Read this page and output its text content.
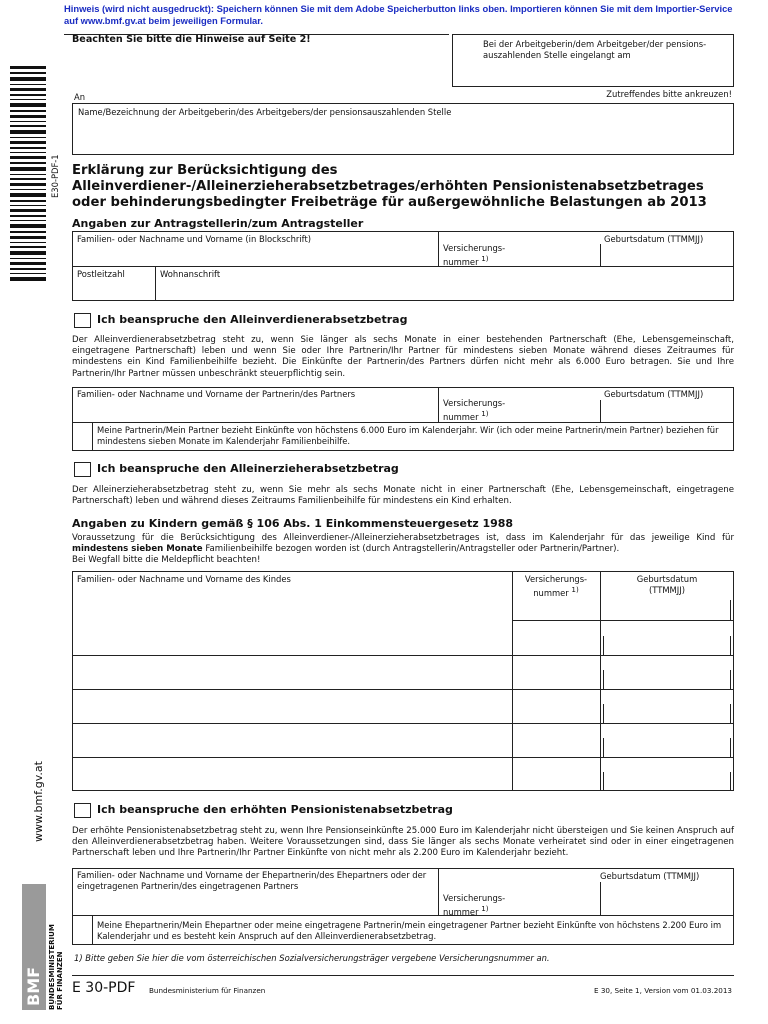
Hinweis (wird nicht ausgedruckt): Speichern können Sie mit dem Adobe Speicherbutton links oben. Importieren können Sie mit dem Importier-Service auf www.bmf.gv.at beim jeweiligen Formular.
E30-PDF-1
www.bmf.gv.at
BMF BUNDESMINISTERIUM FÜR FINANZEN
Beachten Sie bitte die Hinweise auf Seite 2!	Bei der Arbeitgeberin/dem Arbeitgeber/der pensions-auszahlenden Stelle eingelangt am
An	Zutreffendes bitte ankreuzen!
Name/Bezeichnung der Arbeitgeberin/des Arbeitgebers/der pensionsauszahlenden Stelle
Erklärung zur Berücksichtigung des Alleinverdiener-/Alleinerzieherabsetzbetrages/erhöhten Pensionistenabsetzbetrages oder behinderungsbedingter Freibeträge für außergewöhnliche Belastungen ab 2013
Angaben zur Antragstellerin/zum Antragsteller
Familien- oder Nachname und Vorname (in Blockschrift)
Versicherungs-
nummer $^{1)}$
Geburtsdatum (TTMMJJ)
Postleitzahl	Wohnanschrift
Ich beanspruche den Alleinverdienerabsetzbetrag
Der Alleinverdienerabsetzbetrag steht zu, wenn Sie länger als sechs Monate in einer bestehenden Partnerschaft (Ehe, Lebensgemeinschaft, eingetragene Partnerschaft) leben und wenn Sie oder Ihre Partnerin/Ihr Partner für mindestens sieben Monate während dieses Zeitraumes für mindestens ein Kind Familienbeihilfe bezieht. Die Einkünfte der Partnerin/des Partners dürfen nicht mehr als 6.000 Euro betragen. Sie und Ihre Partnerin/Ihr Partner müssen unbeschränkt steuerpflichtig sein.
Familien- oder Nachname und Vorname der Partnerin/des Partners
Versicherungs-
nummer $^{1)}$
Geburtsdatum (TTMMJJ)
Meine Partnerin/Mein Partner bezieht Einkünfte von höchstens 6.000 Euro im Kalenderjahr. Wir (ich oder meine Partnerin/mein Partner) beziehen für mindestens sieben Monate im Kalenderjahr Familienbeihilfe.
Ich beanspruche den Alleinerzieherabsetzbetrag
Der Alleinerzieherabsetzbetrag steht zu, wenn Sie mehr als sechs Monate nicht in einer Partnerschaft (Ehe, Lebensgemeinschaft, eingetragene Partnerschaft) leben und während dieses Zeitraums Familienbeihilfe für mindestens ein Kind erhalten.
Angaben zu Kindern gemäß § 106 Abs. 1 Einkommensteuergesetz 1988
Voraussetzung für die Berücksichtigung des Alleinverdiener-/Alleinerzieherabsetzbetrages ist, dass im Kalenderjahr für das jeweilige Kind für mindestens sieben Monate Familienbeihilfe bezogen worden ist (durch Antragstellerin/Antragsteller oder Partnerin/Partner).
Bei Wegfall bitte die Meldepflicht beachten!
Familien- oder Nachname und Vorname des Kindes	Versicherungs-
nummer $^{1)}$
Geburtsdatum
(TTMMJJ)
Ich beanspruche den erhöhten Pensionistenabsetzbetrag
Der erhöhte Pensionistenabsetzbetrag steht zu, wenn Ihre Pensionseinkünfte 25.000 Euro im Kalenderjahr nicht übersteigen und Sie keinen Anspruch auf den Alleinverdienerabsetzbetrag haben. Weitere Voraussetzungen sind, dass Sie länger als sechs Monate verheiratet sind oder in einer eingetragenen Partnerschaft leben und Ihre Partnerin/Ihr Partner Einkünfte von nicht mehr als 2.200 Euro im Kalenderjahr bezieht.
Familien- oder Nachname und Vorname der Ehepartnerin/des Ehepartners oder der eingetragenen Partnerin/des eingetragenen Partners
Versicherungs-
nummer $^{1)}$
Geburtsdatum (TTMMJJ)
Meine Ehepartnerin/Mein Ehepartner oder meine eingetragene Partnerin/mein eingetragener Partner bezieht Einkünfte von höchstens 2.200 Euro im Kalenderjahr und es besteht kein Anspruch auf den Alleinverdienerabsetzbetrag.
1) Bitte geben Sie hier die vom österreichischen Sozialversicherungsträger vergebene Versicherungsnummer an.
E 30-PDF Bundesministerium für Finanzen	E 30, Seite 1, Version vom 01.03.2013
